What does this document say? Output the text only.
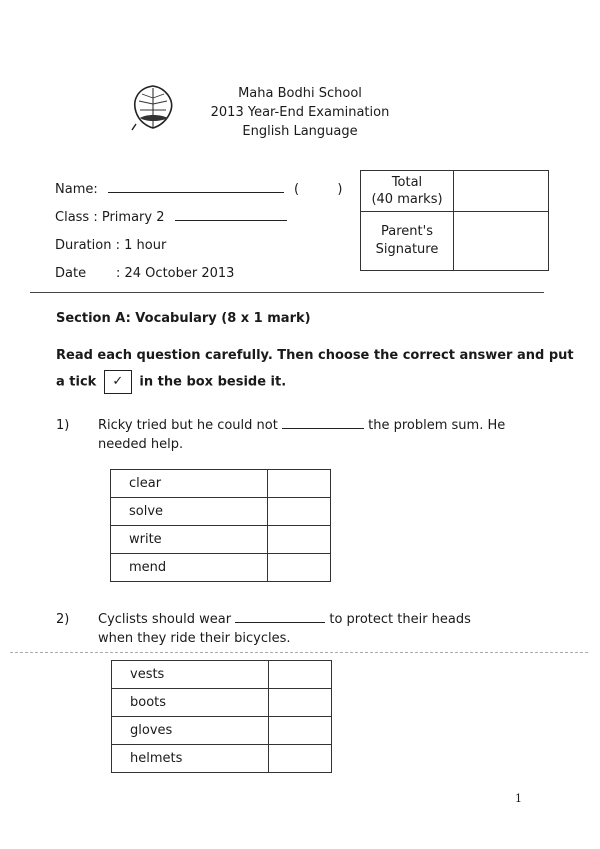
Maha Bodhi School
2013 Year-End Examination
English Language
Name:	(	)
Class : Primary 2
Duration : 1 hour
Date : 24 October 2013
Total
(40 marks)	

Parent's
Signature	

Section A: Vocabulary (8 x 1 mark)
Read each question carefully. Then choose the correct answer and put
a tick ✓ in the box beside it.
1) Ricky tried but he could not	the problem sum. He
needed help.
clear	
solve	
write	
mend	
2) Cyclists should wear	to protect their heads
when they ride their bicycles.
vests	
boots	
gloves	
helmets	
1
